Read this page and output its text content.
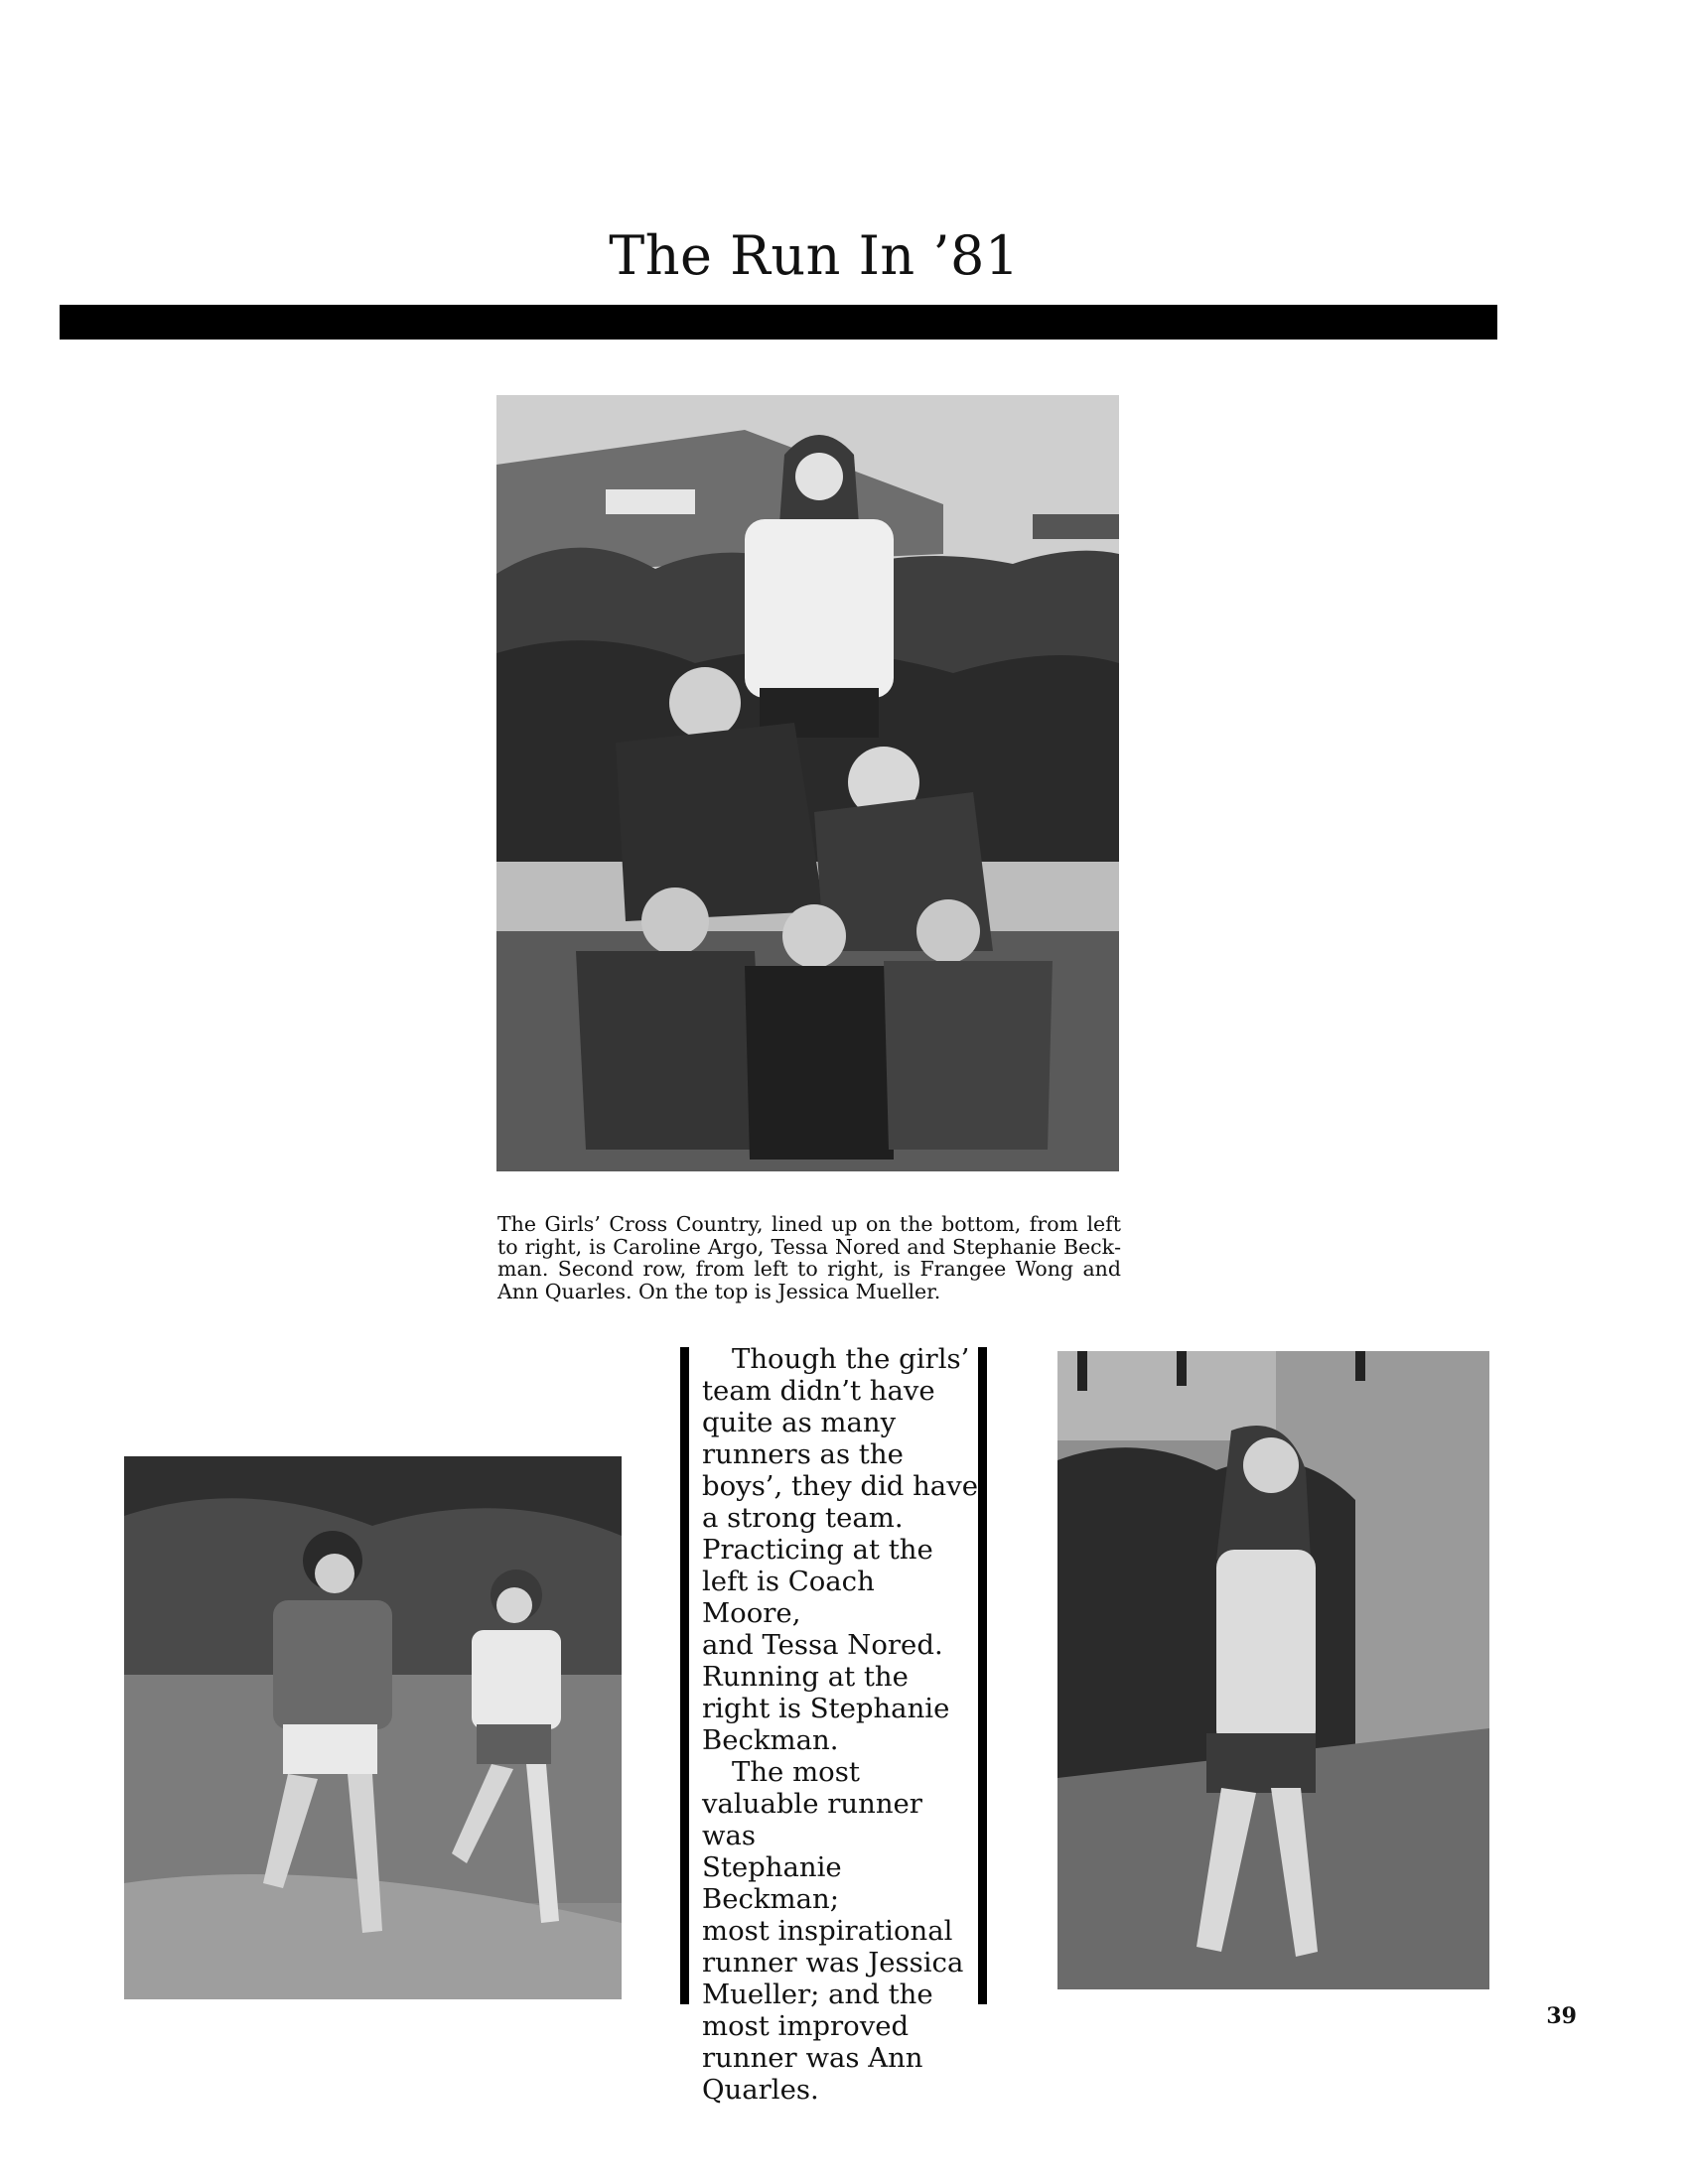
The Run In ’81

The Girls’ Cross Country, lined up on the bottom, from left to right, is Caroline Argo, Tessa Nored and Stephanie Beckman. Second row, from left to right, is Frangee Wong and Ann Quarles. On the top is Jessica Mueller.

Though the girls’
team didn’t have
quite as many
runners as the
boys’, they did have
a strong team.
Practicing at the
left is Coach Moore,
and Tessa Nored.
Running at the
right is Stephanie
Beckman.

The most
valuable runner was
Stephanie Beckman;
most inspirational
runner was Jessica
Mueller; and the
most improved
runner was Ann
Quarles.

39
